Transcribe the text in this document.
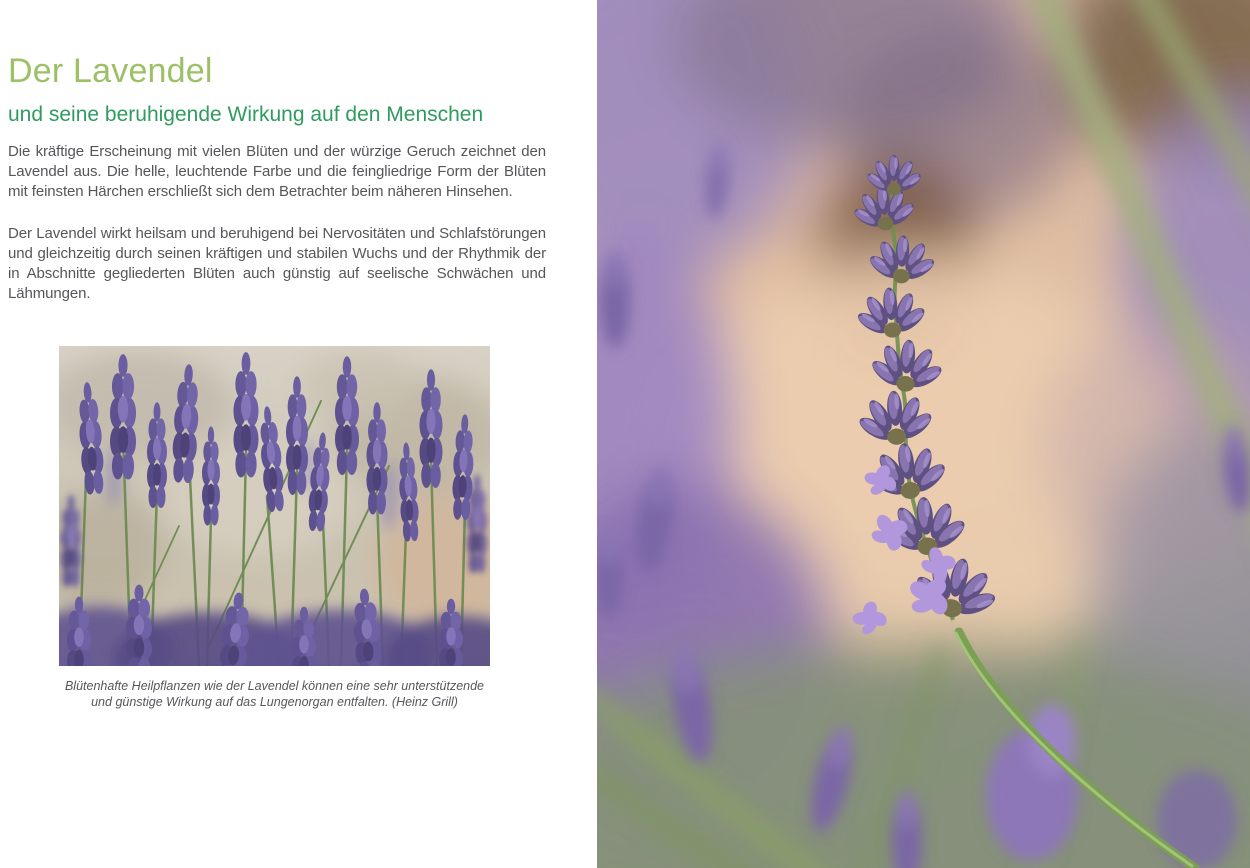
Der Lavendel
und seine beruhigende Wirkung auf den Menschen

Die kräftige Erscheinung mit vielen Blüten und der würzige Geruch zeichnet den Lavendel aus. Die helle, leuchtende Farbe und die feingliedrige Form der Blüten mit feinsten Härchen erschließt sich dem Betrachter beim näheren Hinsehen.

Der Lavendel wirkt heilsam und beruhigend bei Nervositäten und Schlafstörungen und gleichzeitig durch seinen kräftigen und stabilen Wuchs und der Rhythmik der in Abschnitte gegliederten Blüten auch günstig auf seelische Schwächen und Lähmungen.

Blütenhafte Heilpflanzen wie der Lavendel können eine sehr unterstützende und günstige Wirkung auf das Lungenorgan entfalten. (Heinz Grill)
